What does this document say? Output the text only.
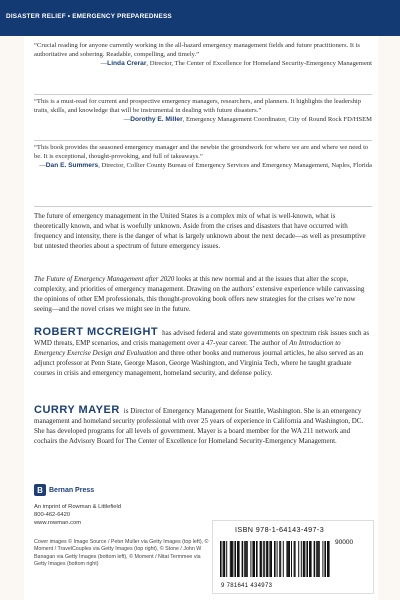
DISASTER RELIEF • EMERGENCY PREPAREDNESS
“Crucial reading for anyone currently working in the all-hazard emergency management fields and future practitioners. It is authoritative and sobering. Readable, compelling, and timely.”
—Linda Crerar, Director, The Center of Excellence for Homeland Security-Emergency Management
“This is a must-read for current and prospective emergency managers, researchers, and planners. It highlights the leadership traits, skills, and knowledge that will be instrumental in dealing with future disasters.”
—Dorothy E. Miller, Emergency Management Coordinator, City of Round Rock FD/HSEM
“This book provides the seasoned emergency manager and the newbie the groundwork for where we are and where we need to be. It is exceptional, thought-provoking, and full of takeaways.”
—Dan E. Summers, Director, Collier County Bureau of Emergency Services and Emergency Management, Naples, Florida
The future of emergency management in the United States is a complex mix of what is well-known, what is theoretically known, and what is woefully unknown. Aside from the crises and disasters that have occurred with frequency and intensity, there is the danger of what is largely unknown about the next decade—as well as presumptive but untested theories about a spectrum of future emergency issues.
The Future of Emergency Management after 2020 looks at this new normal and at the issues that alter the scope, complexity, and priorities of emergency management. Drawing on the authors’ extensive experience while canvassing the opinions of other EM professionals, this thought-provoking book offers new strategies for the crises we’re now seeing—and the novel crises we might see in the future.
ROBERT MCCREIGHT has advised federal and state governments on spectrum risk issues such as WMD threats, EMP scenarios, and crisis management over a 47-year career. The author of An Introduction to Emergency Exercise Design and Evaluation and three other books and numerous journal articles, he also served as an adjunct professor at Penn State, George Mason, George Washington, and Virginia Tech, where he taught graduate courses in crisis and emergency management, homeland security, and defense policy.
CURRY MAYER is Director of Emergency Management for Seattle, Washington. She is an emergency management and homeland security professional with over 25 years of experience in California and Washington, DC. She has developed programs for all levels of government. Mayer is a board member for the WA 211 network and cochairs the Advisory Board for The Center of Excellence for Homeland Security-Emergency Management.
B Bernan Press
An imprint of Rowman & Littlefield
800-462-6420
www.rowman.com
Cover images © Image Source / Peter Muller via Getty Images (top left), © Moment / TravelCouples via Getty Images (top right), © Stone / John W Banagan via Getty Images (bottom left), © Moment / Nitat Termmee via Getty Images (bottom right)
ISBN 978-1-64143-497-3
90000
9 781641 434973
